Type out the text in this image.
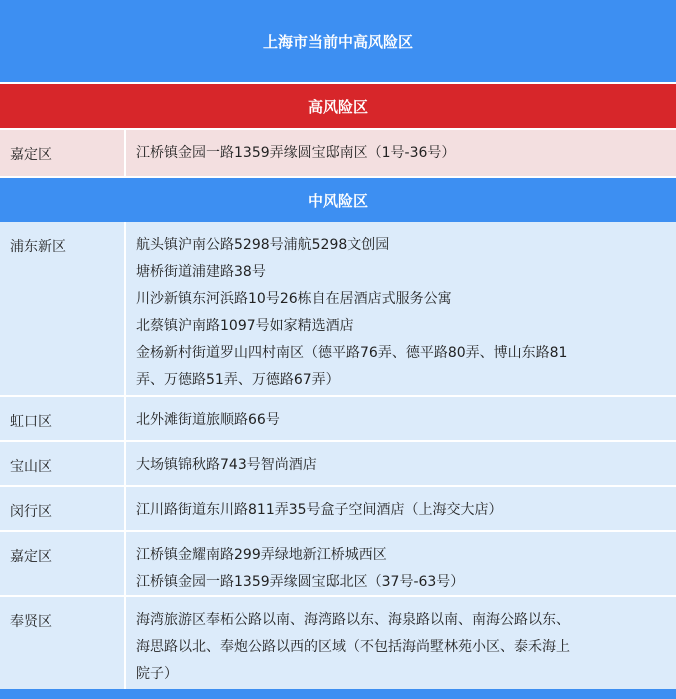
上海市当前中高风险区
高风险区
嘉定区	江桥镇金园一路1359弄缘圆宝邸南区（1号-36号）
中风险区
浦东新区	航头镇沪南公路5298号浦航5298文创园
塘桥街道浦建路38号
川沙新镇东河浜路10号26栋自在居酒店式服务公寓
北蔡镇沪南路1097号如家精选酒店
金杨新村街道罗山四村南区（德平路76弄、德平路80弄、博山东路81
弄、万德路51弄、万德路67弄）
虹口区	北外滩街道旅顺路66号
宝山区	大场镇锦秋路743号智尚酒店
闵行区	江川路街道东川路811弄35号盒子空间酒店（上海交大店）
嘉定区	江桥镇金耀南路299弄绿地新江桥城西区
江桥镇金园一路1359弄缘圆宝邸北区（37号-63号）
奉贤区	海湾旅游区奉柘公路以南、海湾路以东、海泉路以南、南海公路以东、
海思路以北、奉炮公路以西的区域（不包括海尚墅林苑小区、泰禾海上
院子）
